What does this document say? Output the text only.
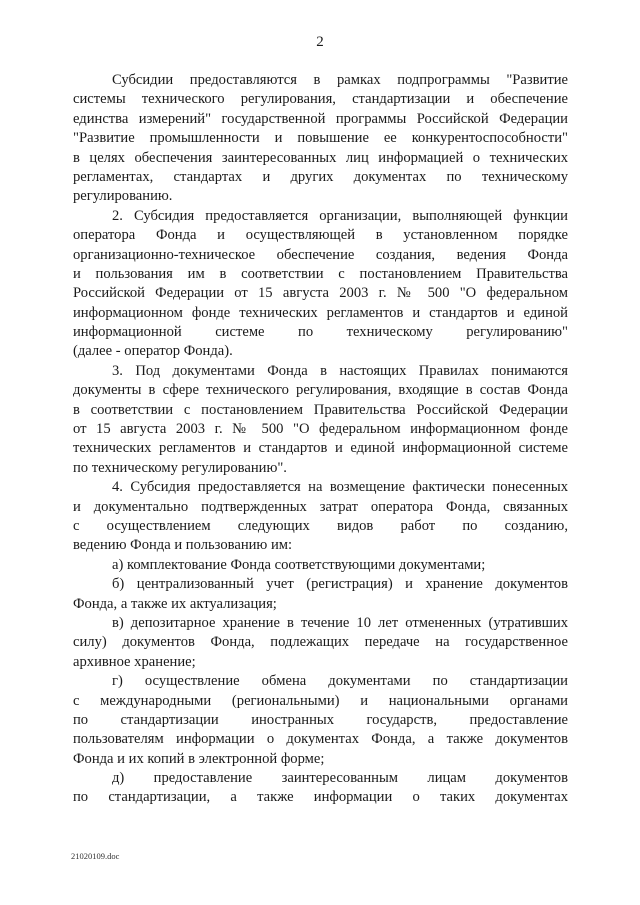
2
Субсидии предоставляются в рамках подпрограммы "Развитие
системы технического регулирования, стандартизации и обеспечение
единства измерений" государственной программы Российской Федерации
"Развитие промышленности и повышение ее конкурентоспособности"
в целях обеспечения заинтересованных лиц информацией о технических
регламентах, стандартах и других документах по техническому
регулированию.
2. Субсидия предоставляется организации, выполняющей функции
оператора Фонда и осуществляющей в установленном порядке
организационно-техническое обеспечение создания, ведения Фонда
и пользования им в соответствии с постановлением Правительства
Российской Федерации от 15 августа 2003 г. № 500 "О федеральном
информационном фонде технических регламентов и стандартов и единой
информационной системе по техническому регулированию"
(далее - оператор Фонда).
3. Под документами Фонда в настоящих Правилах понимаются
документы в сфере технического регулирования, входящие в состав Фонда
в соответствии с постановлением Правительства Российской Федерации
от 15 августа 2003 г. № 500 "О федеральном информационном фонде
технических регламентов и стандартов и единой информационной системе
по техническому регулированию".
4. Субсидия предоставляется на возмещение фактически понесенных
и документально подтвержденных затрат оператора Фонда, связанных
с осуществлением следующих видов работ по созданию,
ведению Фонда и пользованию им:
а) комплектование Фонда соответствующими документами;
б) централизованный учет (регистрация) и хранение документов
Фонда, а также их актуализация;
в) депозитарное хранение в течение 10 лет отмененных (утративших
силу) документов Фонда, подлежащих передаче на государственное
архивное хранение;
г) осуществление обмена документами по стандартизации
с международными (региональными) и национальными органами
по стандартизации иностранных государств, предоставление
пользователям информации о документах Фонда, а также документов
Фонда и их копий в электронной форме;
д) предоставление заинтересованным лицам документов
по стандартизации, а также информации о таких документах
21020109.doc
